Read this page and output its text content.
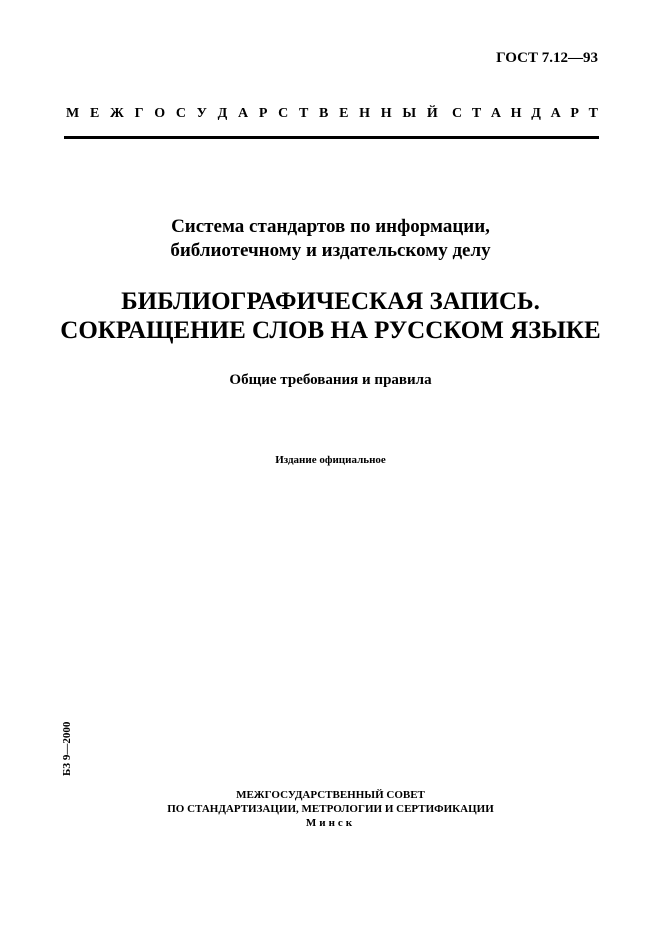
ГОСТ 7.12—93
М Е Ж Г О С У Д А Р С Т В Е Н Н Ы Й С Т А Н Д А Р Т
Система стандартов по информации,
библиотечному и издательскому делу
БИБЛИОГРАФИЧЕСКАЯ ЗАПИСЬ.
СОКРАЩЕНИЕ СЛОВ НА РУССКОМ ЯЗЫКЕ
Общие требования и правила
Издание официальное
БЗ 9—2000
МЕЖГОСУДАРСТВЕННЫЙ СОВЕТ
ПО СТАНДАРТИЗАЦИИ, МЕТРОЛОГИИ И СЕРТИФИКАЦИИ
Минск
